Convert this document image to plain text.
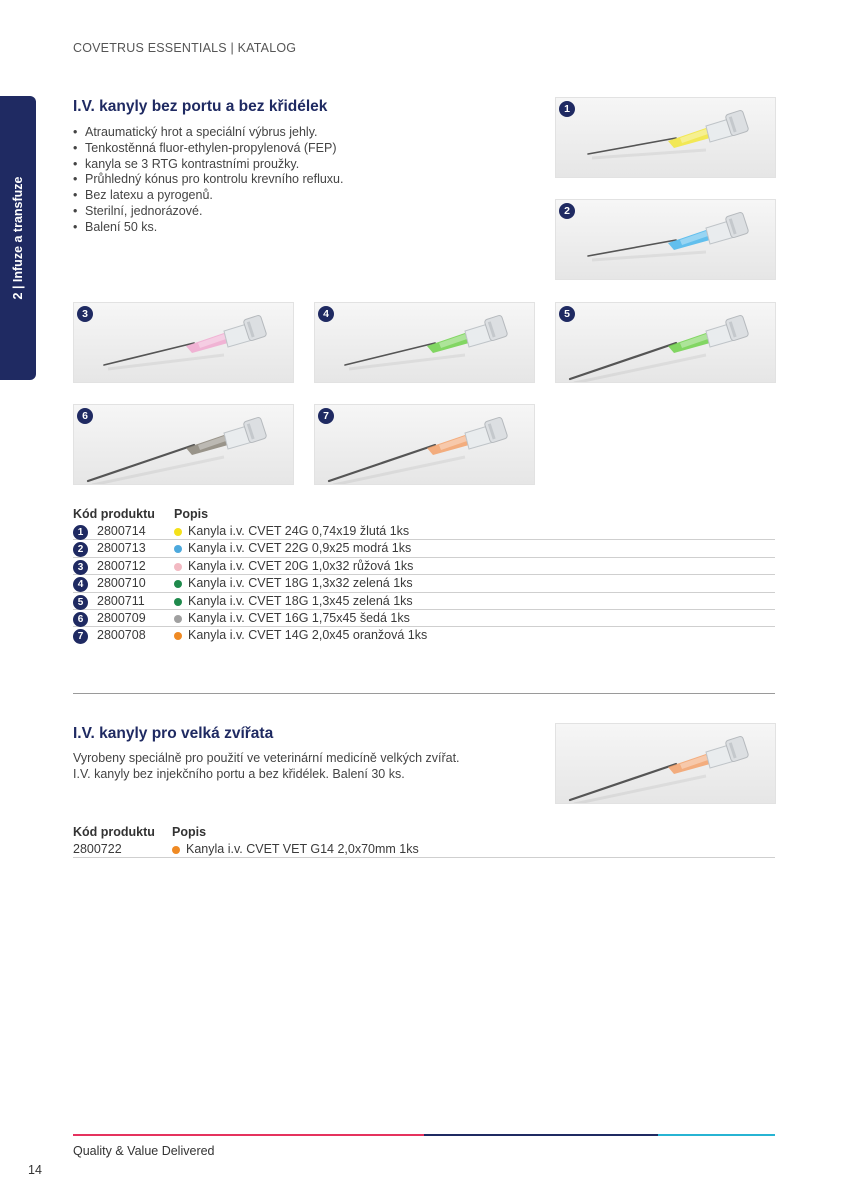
COVETRUS ESSENTIALS | KATALOG
2 | Infuze a transfuze
I.V. kanyly bez portu a bez křidélek
• Atraumatický hrot a speciální výbrus jehly.
• Tenkostěnná fluor-ethylen-propylenová (FEP)
• kanyla se 3 RTG kontrastními proužky.
• Průhledný kónus pro kontrolu krevního refluxu.
• Bez latexu a pyrogenů.
• Sterilní, jednorázové.
• Balení 50 ks.
1
2
3	4	5
6	7
Kód produktu Popis
1	2800714	Kanyla i.v. CVET 24G 0,74x19 žlutá 1ks
2	2800713	Kanyla i.v. CVET 22G 0,9x25 modrá 1ks
3	2800712	Kanyla i.v. CVET 20G 1,0x32 růžová 1ks
4	2800710	Kanyla i.v. CVET 18G 1,3x32 zelená 1ks
5	2800711	Kanyla i.v. CVET 18G 1,3x45 zelená 1ks
6	2800709	Kanyla i.v. CVET 16G 1,75x45 šedá 1ks
7	2800708	Kanyla i.v. CVET 14G 2,0x45 oranžová 1ks
I.V. kanyly pro velká zvířata
Vyrobeny speciálně pro použití ve veterinární medicíně velkých zvířat.
I.V. kanyly bez injekčního portu a bez křidélek. Balení 30 ks.
Kód produktu Popis
2800722	Kanyla i.v. CVET VET G14 2,0x70mm 1ks
Quality & Value Delivered
14
